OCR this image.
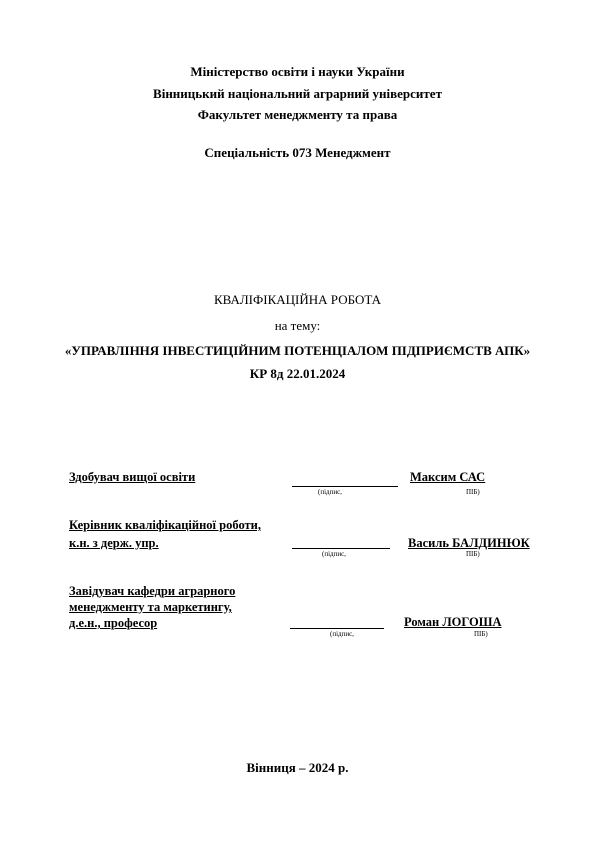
Міністерство освіти і науки України
Вінницький національний аграрний університет
Факультет менеджменту та права
Спеціальність 073 Менеджмент
КВАЛІФІКАЦІЙНА РОБОТА
на тему:
«УПРАВЛІННЯ ІНВЕСТИЦІЙНИМ ПОТЕНЦІАЛОМ ПІДПРИЄМСТВ АПК»
КР 8д 22.01.2024
Здобувач вищої освіти
(підпис,
Максим САС
ПІБ)
Керівник кваліфікаційної роботи,
к.н. з держ. упр.
(підпис,
Василь БАЛДИНЮК
ПІБ)
Завідувач кафедри аграрного
менеджменту та маркетингу,
д.е.н., професор
(підпис,
Роман ЛОГОША
ПІБ)
Вінниця – 2024 р.
